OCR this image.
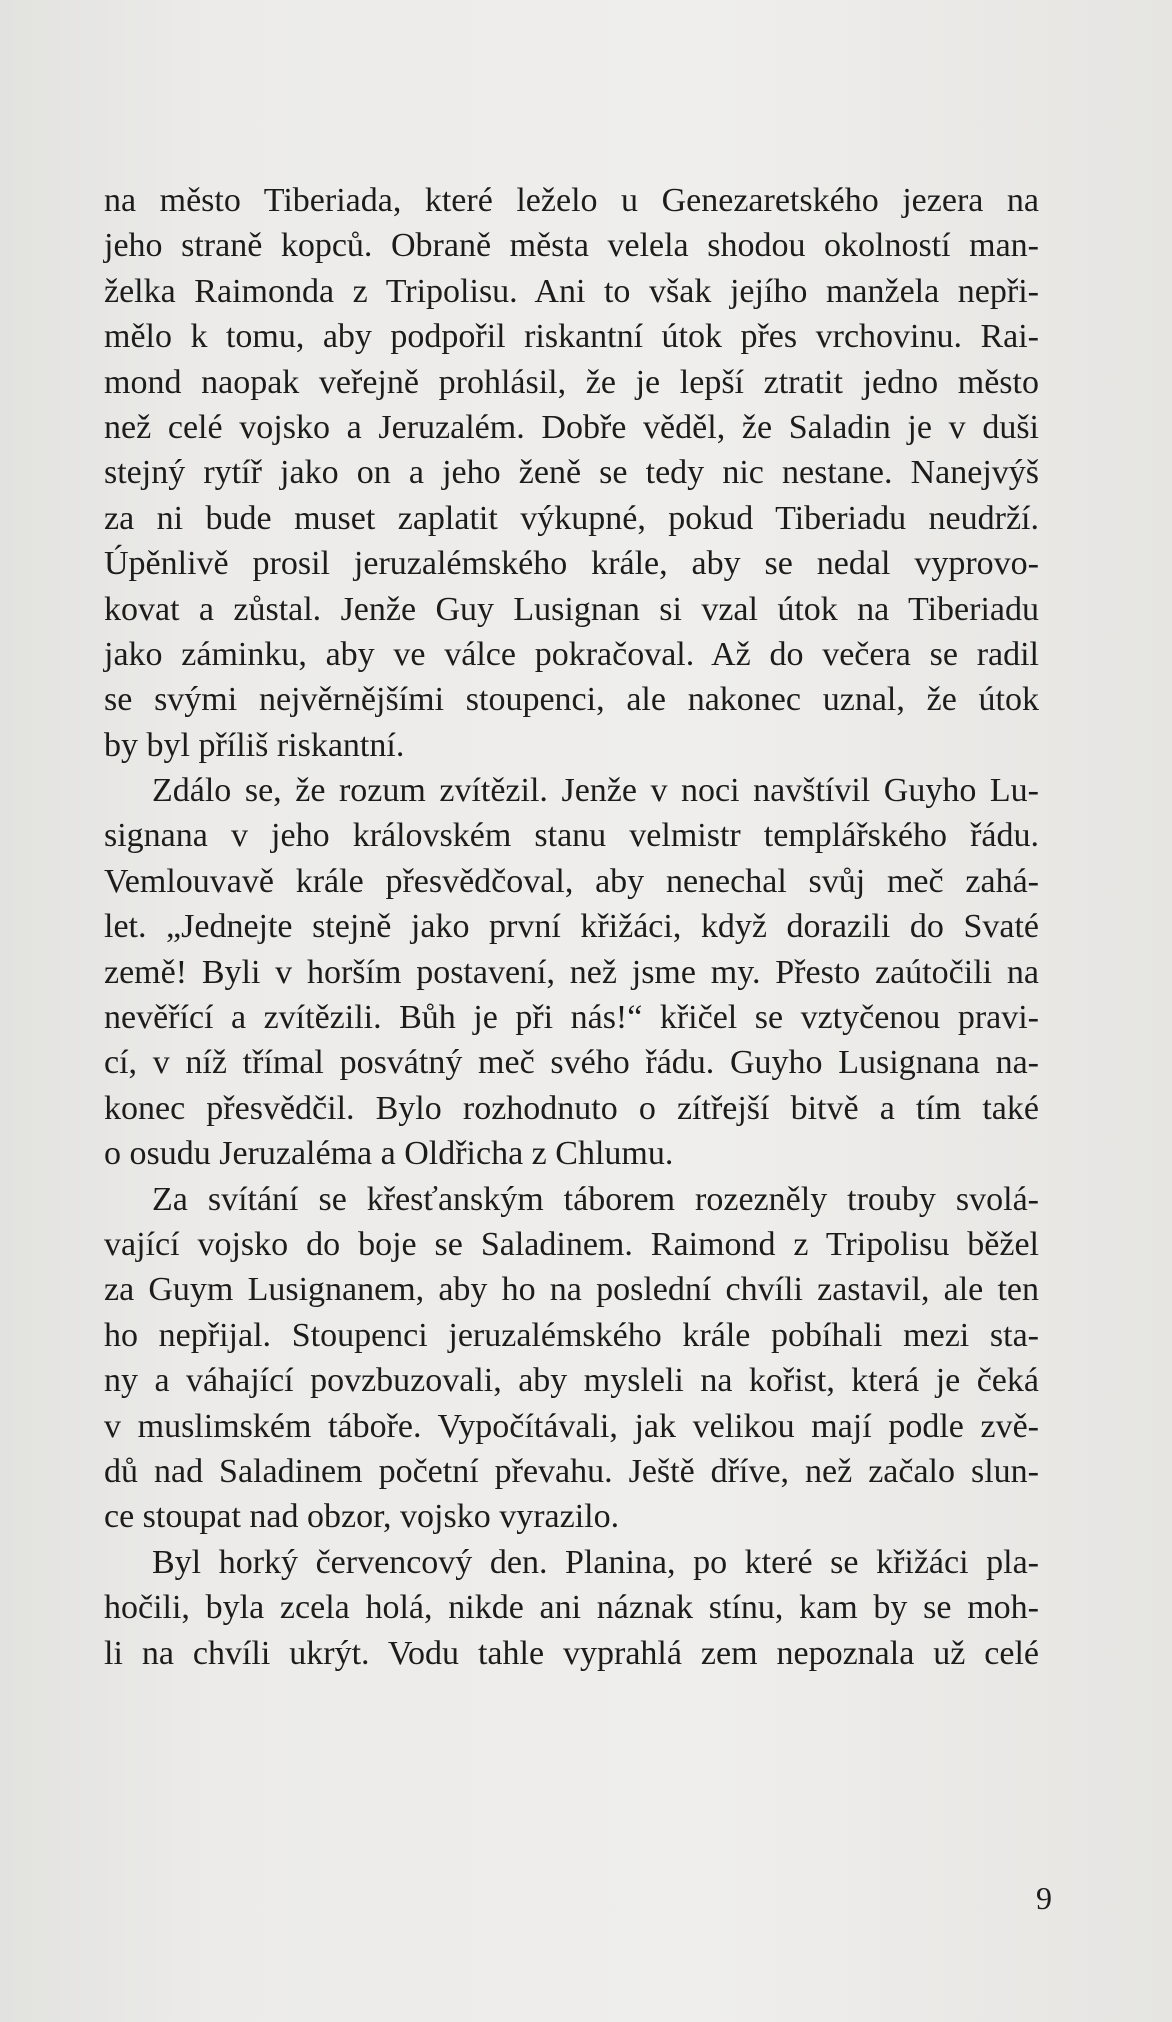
na město Tiberiada, které leželo u Genezaretského jezera na
jeho straně kopců. Obraně města velela shodou okolností man-
želka Raimonda z Tripolisu. Ani to však jejího manžela nepři-
mělo k tomu, aby podpořil riskantní útok přes vrchovinu. Rai-
mond naopak veřejně prohlásil, že je lepší ztratit jedno město
než celé vojsko a Jeruzalém. Dobře věděl, že Saladin je v duši
stejný rytíř jako on a jeho ženě se tedy nic nestane. Nanejvýš
za ni bude muset zaplatit výkupné, pokud Tiberiadu neudrží.
Úpěnlivě prosil jeruzalémského krále, aby se nedal vyprovo-
kovat a zůstal. Jenže Guy Lusignan si vzal útok na Tiberiadu
jako záminku, aby ve válce pokračoval. Až do večera se radil
se svými nejvěrnějšími stoupenci, ale nakonec uznal, že útok
by byl příliš riskantní.
Zdálo se, že rozum zvítězil. Jenže v noci navštívil Guyho Lu-
signana v jeho královském stanu velmistr templářského řádu.
Vemlouvavě krále přesvědčoval, aby nenechal svůj meč zahá-
let. „Jednejte stejně jako první křižáci, když dorazili do Svaté
země! Byli v horším postavení, než jsme my. Přesto zaútočili na
nevěřící a zvítězili. Bůh je při nás!“ křičel se vztyčenou pravi-
cí, v níž třímal posvátný meč svého řádu. Guyho Lusignana na-
konec přesvědčil. Bylo rozhodnuto o zítřejší bitvě a tím také
o osudu Jeruzaléma a Oldřicha z Chlumu.
Za svítání se křesťanským táborem rozezněly trouby svolá-
vající vojsko do boje se Saladinem. Raimond z Tripolisu běžel
za Guym Lusignanem, aby ho na poslední chvíli zastavil, ale ten
ho nepřijal. Stoupenci jeruzalémského krále pobíhali mezi sta-
ny a váhající povzbuzovali, aby mysleli na kořist, která je čeká
v muslimském táboře. Vypočítávali, jak velikou mají podle zvě-
dů nad Saladinem početní převahu. Ještě dříve, než začalo slun-
ce stoupat nad obzor, vojsko vyrazilo.
Byl horký červencový den. Planina, po které se křižáci pla-
hočili, byla zcela holá, nikde ani náznak stínu, kam by se moh-
li na chvíli ukrýt. Vodu tahle vyprahlá zem nepoznala už celé
9
